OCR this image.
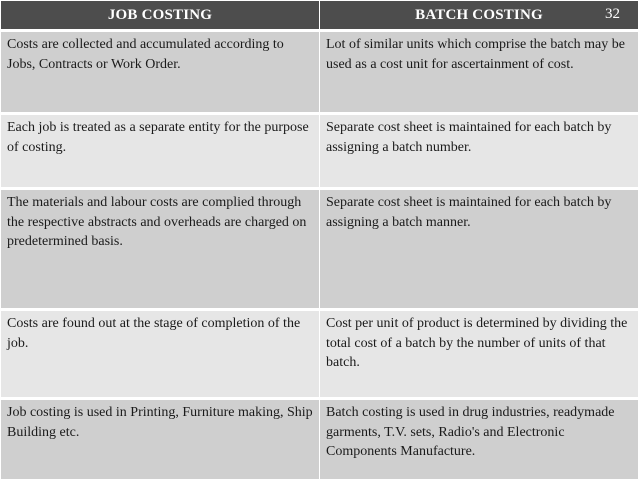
32
JOB COSTING	BATCH COSTING
Costs are collected and accumulated according to Jobs, Contracts or Work Order.	Lot of similar units which comprise the batch may be used as a cost unit for ascertainment of cost.
Each job is treated as a separate entity for the purpose of costing.	Separate cost sheet is maintained for each batch by assigning a batch number.
The materials and labour costs are complied through the respective abstracts and overheads are charged on predetermined basis.	Separate cost sheet is maintained for each batch by assigning a batch manner.
Costs are found out at the stage of completion of the job.	Cost per unit of product is determined by dividing the total cost of a batch by the number of units of that batch.
Job costing is used in Printing, Furniture making, Ship Building etc.	Batch costing is used in drug industries, readymade garments, T.V. sets, Radio's and Electronic Components Manufacture.
